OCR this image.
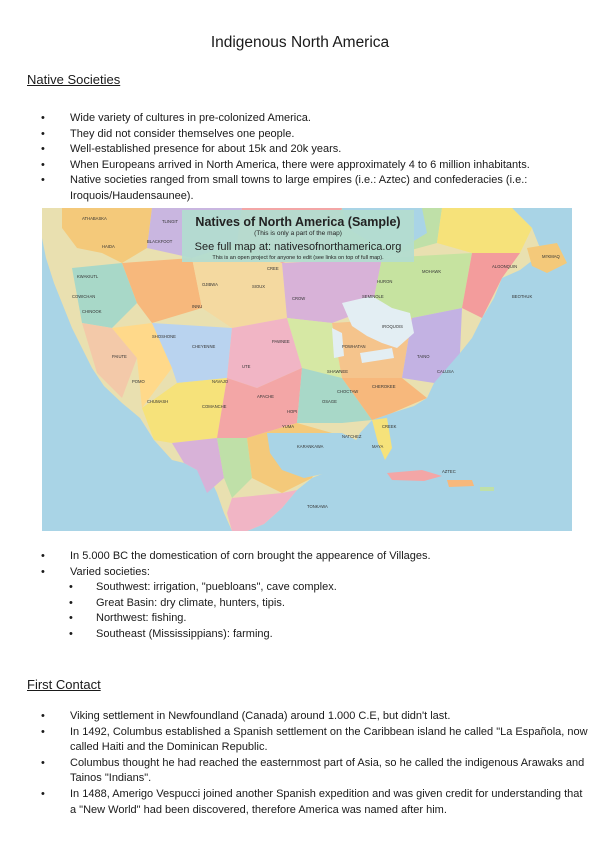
Indigenous North America
Native Societies
• Wide variety of cultures in pre-colonized America.
• They did not consider themselves one people.
• Well-established presence for about 15k and 20k years.
• When Europeans arrived in North America, there were approximately 4 to 6 million inhabitants.
• Native societies ranged from small towns to large empires (i.e.: Aztec) and confederacies (i.e.: Iroquois/Haudensaunee).
Natives of North America (Sample)
(This is only a part of the map)
See full map at: nativesofnorthamerica.org
This is an open project for anyone to edit (see links on top of full map).
ATHABASKA
TLINGIT
HAIDA
KWAKIUTL
COWICHAN
CHINOOK
BLACKFOOT
CREE
OJIBWA	SIOUX
CROW
CHEYENNE
PAWNEE
UTE
NAVAJO
APACHE
HOPI
COMANCHE
OSAGE
CHEROKEE
CREEK
SEMINOLE
IROQUOIS
HURON
MOHAWK
ALGONQUIN
MI'KMAQ
BEOTHUK
INNU
SHOSHONE
PAIUTE
POMO
CHUMASH
YUMA
KARANKAWA
TONKAWA
AZTEC
MAYA
TAINO
CALUSA
POWHATAN
SHAWNEE
NATCHEZ
CHOCTAW
• In 5.000 BC the domestication of corn brought the appearence of Villages.
• Varied societies:
• Southwest: irrigation, "puebloans", cave complex.
• Great Basin: dry climate, hunters, tipis.
• Northwest: fishing.
• Southeast (Mississippians): farming.
First Contact
• Viking settlement in Newfoundland (Canada) around 1.000 C.E, but didn't last.
• In 1492, Columbus established a Spanish settlement on the Caribbean island he called "La Española, now called Haiti and the Dominican Republic.
• Columbus thought he had reached the easternmost part of Asia, so he called the indigenous Arawaks and Tainos "Indians".
• In 1488, Amerigo Vespucci joined another Spanish expedition and was given credit for understanding that a "New World" had been discovered, therefore America was named after him.
